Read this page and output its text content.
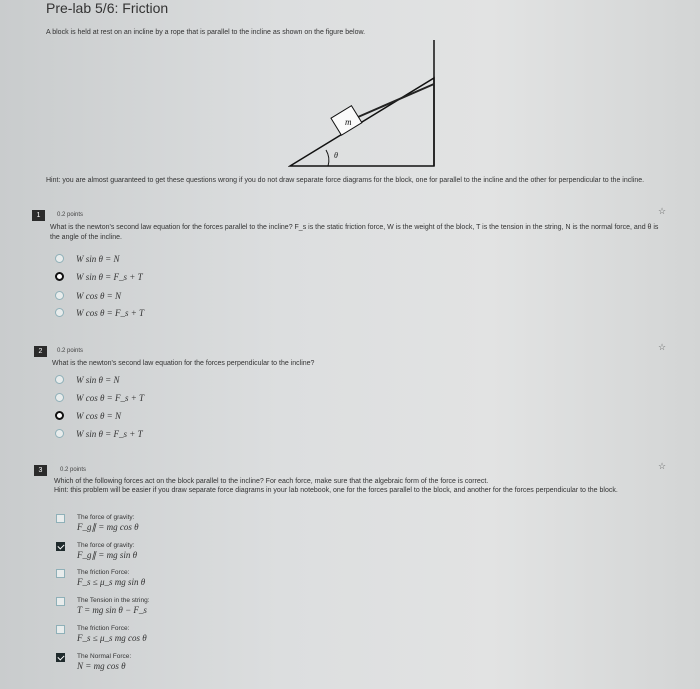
Pre-lab 5/6: Friction
A block is held at rest on an incline by a rope that is parallel to the incline as shown on the figure below.
m
θ
Hint: you are almost guaranteed to get these questions wrong if you do not draw separate force diagrams for the block, one for parallel to the incline and the other for perpendicular to the incline.
1	0.2 points	☆
What is the newton's second law equation for the forces parallel to the incline? F_s is the static friction force, W is the weight of the block, T is the tension in the string, N is the normal force, and θ is the angle of the incline.
W sin θ = N
W sin θ = F_s + T
W cos θ = N
W cos θ = F_s + T
2	0.2 points	☆
What is the newton's second law equation for the forces perpendicular to the incline?
W sin θ = N
W cos θ = F_s + T
W cos θ = N
W sin θ = F_s + T
3	0.2 points	☆
Which of the following forces act on the block parallel to the incline? For each force, make sure that the algebraic form of the force is correct.
Hint: this problem will be easier if you draw separate force diagrams in your lab notebook, one for the forces parallel to the block, and another for the forces perpendicular to the block.
The force of gravity:
F_g∥ = mg cos θ
The force of gravity:
F_g∥ = mg sin θ
The friction Force:
F_s ≤ μ_s mg sin θ
The Tension in the string:
T = mg sin θ − F_s
The friction Force:
F_s ≤ μ_s mg cos θ
The Normal Force:
N = mg cos θ
